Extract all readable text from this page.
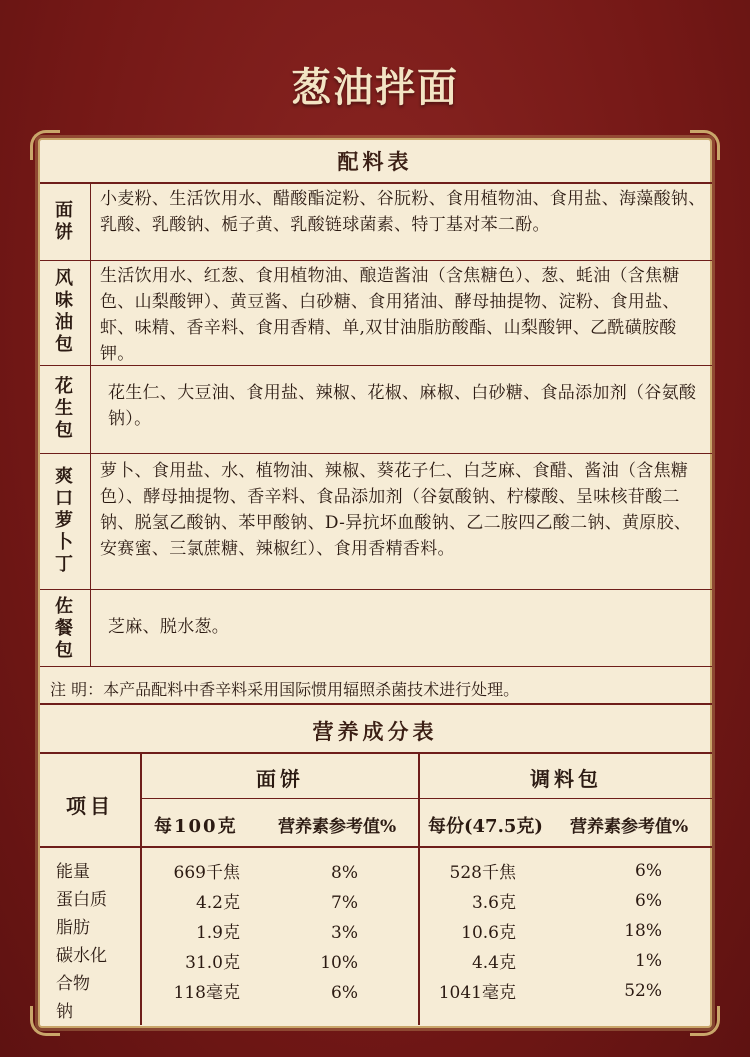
葱油拌面
配料表
面
饼
小麦粉、生活饮用水、醋酸酯淀粉、谷朊粉、食用植物油、食用盐、海藻酸钠、乳酸、乳酸钠、栀子黄、乳酸链球菌素、特丁基对苯二酚。
风
味
油
包
生活饮用水、红葱、食用植物油、酿造酱油（含焦糖色）、葱、蚝油（含焦糖色、山梨酸钾）、黄豆酱、白砂糖、食用猪油、酵母抽提物、淀粉、食用盐、虾、味精、香辛料、食用香精、单,双甘油脂肪酸酯、山梨酸钾、乙酰磺胺酸钾。
花
生
包
花生仁、大豆油、食用盐、辣椒、花椒、麻椒、白砂糖、食品添加剂（谷氨酸钠）。
爽
口
萝
卜
丁
萝卜、食用盐、水、植物油、辣椒、葵花子仁、白芝麻、食醋、酱油（含焦糖色）、酵母抽提物、香辛料、食品添加剂（谷氨酸钠、柠檬酸、呈味核苷酸二钠、脱氢乙酸钠、苯甲酸钠、D-异抗坏血酸钠、乙二胺四乙酸二钠、黄原胶、安赛蜜、三氯蔗糖、辣椒红）、食用香精香料。
佐
餐
包
芝麻、脱水葱。
注 明：本产品配料中香辛料采用国际惯用辐照杀菌技术进行处理。
营养成分表
项目
面饼	调料包
每100克 营养素参考值% 每份(47.5克) 营养素参考值%
能量
蛋白质
脂肪
碳水化
合物
钠
669千焦
4.2克
1.9克
31.0克
118毫克
8%
7%
3%
10%
6%
528千焦
3.6克
10.6克
4.4克
1041毫克
6%
6%
18%
1%
52%
